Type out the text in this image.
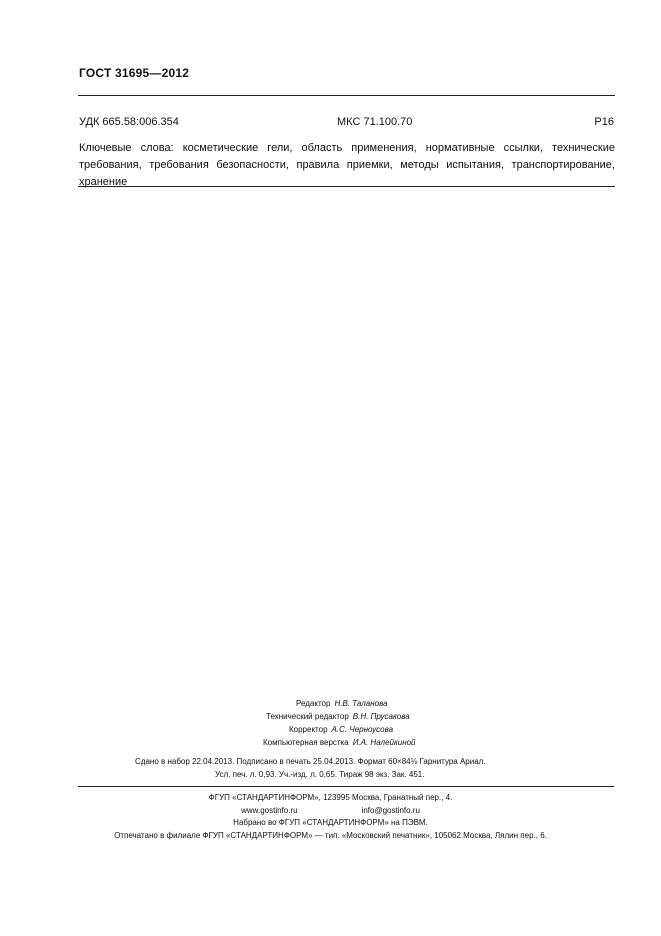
ГОСТ 31695—2012
УДК 665.58:006.354	МКС 71.100.70	Р16
Ключевые слова: косметические гели, область применения, нормативные ссылки, технические требования, требования безопасности, правила приемки, методы испытания, транспортирование, хранение
Редактор Н.В. Таланова
Технический редактор В.Н. Прусакова
Корректор А.С. Черноусова
Компьютерная верстка И.А. Налейкиной
Сдано в набор 22.04.2013. Подписано в печать 25.04.2013. Формат 60×84⅛ Гарнитура Ариал.
Усл. печ. л. 0,93. Уч.-изд. л. 0,65. Тираж 98 экз. Зак. 451.
ФГУП «СТАНДАРТИНФОРМ», 123995 Москва, Гранатный пер., 4.
www.gostinfo.ru	info@gostinfo.ru
Набрано во ФГУП «СТАНДАРТИНФОРМ» на ПЭВМ.
Отпечатано в филиале ФГУП «СТАНДАРТИНФОРМ» — тип. «Московский печатник», 105062 Москва, Лялин пер., 6.
